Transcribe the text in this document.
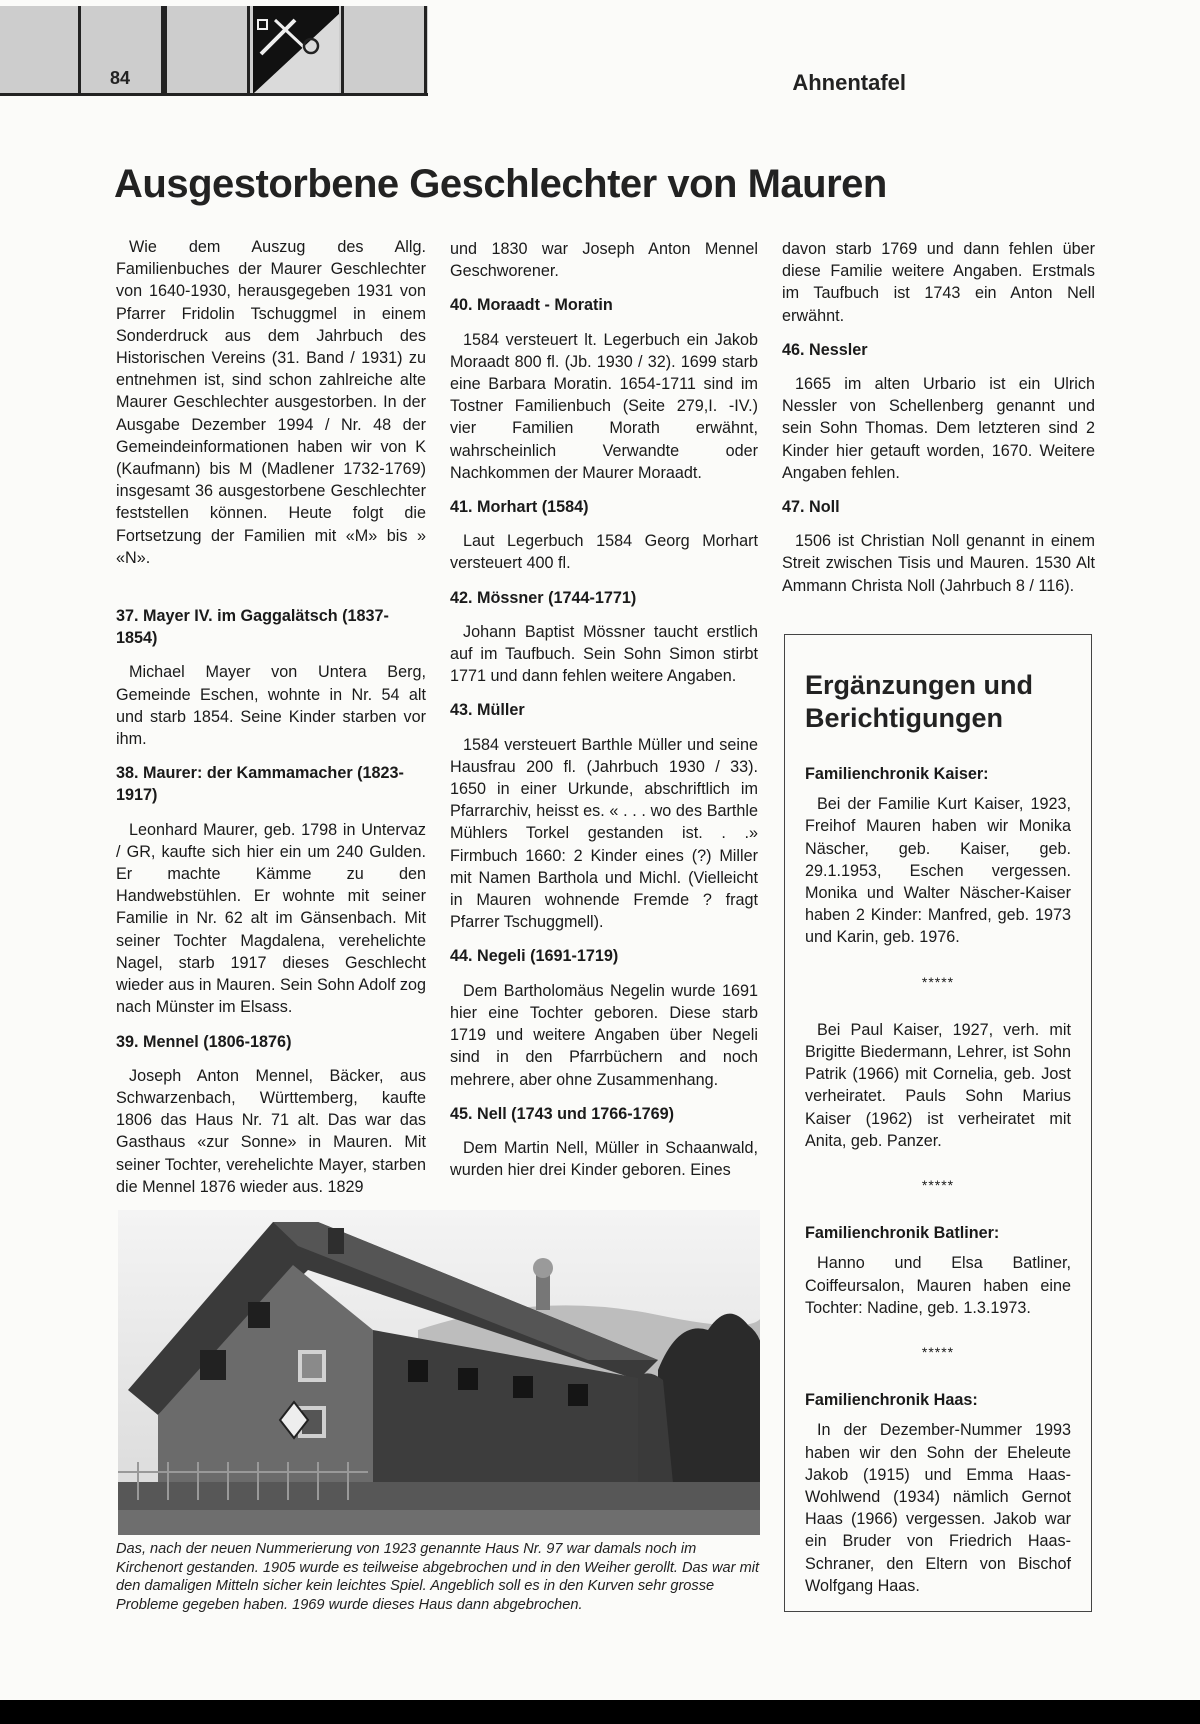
84	Ahnentafel
Ausgestorbene Geschlechter von Mauren

Wie dem Auszug des Allg. Familienbuches der Maurer Geschlechter von 1640-1930, herausgegeben 1931 von Pfarrer Fridolin Tschuggmel in einem Sonderdruck aus dem Jahrbuch des Historischen Vereins (31. Band / 1931) zu entnehmen ist, sind schon zahlreiche alte Maurer Geschlechter ausgestorben. In der Ausgabe Dezember 1994 / Nr. 48 der Gemeindeinformationen haben wir von K (Kaufmann) bis M (Madlener 1732-1769) insgesamt 36 ausgestorbene Geschlechter feststellen können. Heute folgt die Fortsetzung der Familien mit «M» bis » «N».

37. Mayer IV. im Gaggalätsch (1837-1854)

Michael Mayer von Untera Berg, Gemeinde Eschen, wohnte in Nr. 54 alt und starb 1854. Seine Kinder starben vor ihm.

38. Maurer: der Kammamacher (1823-1917)

Leonhard Maurer, geb. 1798 in Untervaz / GR, kaufte sich hier ein um 240 Gulden. Er machte Kämme zu den Handwebstühlen. Er wohnte mit seiner Familie in Nr. 62 alt im Gänsenbach. Mit seiner Tochter Magdalena, verehelichte Nagel, starb 1917 dieses Geschlecht wieder aus in Mauren. Sein Sohn Adolf zog nach Münster im Elsass.

39. Mennel (1806-1876)

Joseph Anton Mennel, Bäcker, aus Schwarzenbach, Württemberg, kaufte 1806 das Haus Nr. 71 alt. Das war das Gasthaus «zur Sonne» in Mauren. Mit seiner Tochter, verehelichte Mayer, starben die Mennel 1876 wieder aus. 1829

und 1830 war Joseph Anton Mennel Geschworener.

40. Moraadt - Moratin

1584 versteuert lt. Legerbuch ein Jakob Moraadt 800 fl. (Jb. 1930 / 32). 1699 starb eine Barbara Moratin. 1654-1711 sind im Tostner Familienbuch (Seite 279,I. -IV.) vier Familien Morath erwähnt, wahrscheinlich Verwandte oder Nachkommen der Maurer Moraadt.

41. Morhart (1584)

Laut Legerbuch 1584 Georg Morhart versteuert 400 fl.

42. Mössner (1744-1771)

Johann Baptist Mössner taucht erstlich auf im Taufbuch. Sein Sohn Simon stirbt 1771 und dann fehlen weitere Angaben.

43. Müller

1584 versteuert Barthle Müller und seine Hausfrau 200 fl. (Jahrbuch 1930 / 33). 1650 in einer Urkunde, abschriftlich im Pfarrarchiv, heisst es. « . . . wo des Barthle Mühlers Torkel gestanden ist. . .» Firmbuch 1660: 2 Kinder eines (?) Miller mit Namen Barthola und Michl. (Vielleicht in Mauren wohnende Fremde ? fragt Pfarrer Tschuggmell).

44. Negeli (1691-1719)

Dem Bartholomäus Negelin wurde 1691 hier eine Tochter geboren. Diese starb 1719 und weitere Angaben über Negeli sind in den Pfarrbüchern and noch mehrere, aber ohne Zusammenhang.

45. Nell (1743 und 1766-1769)

Dem Martin Nell, Müller in Schaanwald, wurden hier drei Kinder geboren. Eines

davon starb 1769 und dann fehlen über diese Familie weitere Angaben. Erstmals im Taufbuch ist 1743 ein Anton Nell erwähnt.

46. Nessler

1665 im alten Urbario ist ein Ulrich Nessler von Schellenberg genannt und sein Sohn Thomas. Dem letzteren sind 2 Kinder hier getauft worden, 1670. Weitere Angaben fehlen.

47. Noll

1506 ist Christian Noll genannt in einem Streit zwischen Tisis und Mauren. 1530 Alt Ammann Christa Noll (Jahrbuch 8 / 116).

Das, nach der neuen Nummerierung von 1923 genannte Haus Nr. 97 war damals noch im Kirchenort gestanden. 1905 wurde es teilweise abgebrochen und in den Weiher gerollt. Das war mit den damaligen Mitteln sicher kein leichtes Spiel. Angeblich soll es in den Kurven sehr grosse Probleme gegeben haben. 1969 wurde dieses Haus dann abgebrochen.

Ergänzungen und Berichtigungen
Familienchronik Kaiser:

Bei der Familie Kurt Kaiser, 1923, Freihof Mauren haben wir Monika Näscher, geb. Kaiser, geb. 29.1.1953, Eschen vergessen. Monika und Walter Näscher-Kaiser haben 2 Kinder: Manfred, geb. 1973 und Karin, geb. 1976.

*****

Bei Paul Kaiser, 1927, verh. mit Brigitte Biedermann, Lehrer, ist Sohn Patrik (1966) mit Cornelia, geb. Jost verheiratet. Pauls Sohn Marius Kaiser (1962) ist verheiratet mit Anita, geb. Panzer.

*****

Familienchronik Batliner:

Hanno und Elsa Batliner, Coiffeursalon, Mauren haben eine Tochter: Nadine, geb. 1.3.1973.

*****

Familienchronik Haas:

In der Dezember-Nummer 1993 haben wir den Sohn der Eheleute Jakob (1915) und Emma Haas-Wohlwend (1934) nämlich Gernot Haas (1966) vergessen. Jakob war ein Bruder von Friedrich Haas-Schraner, den Eltern von Bischof Wolfgang Haas.
